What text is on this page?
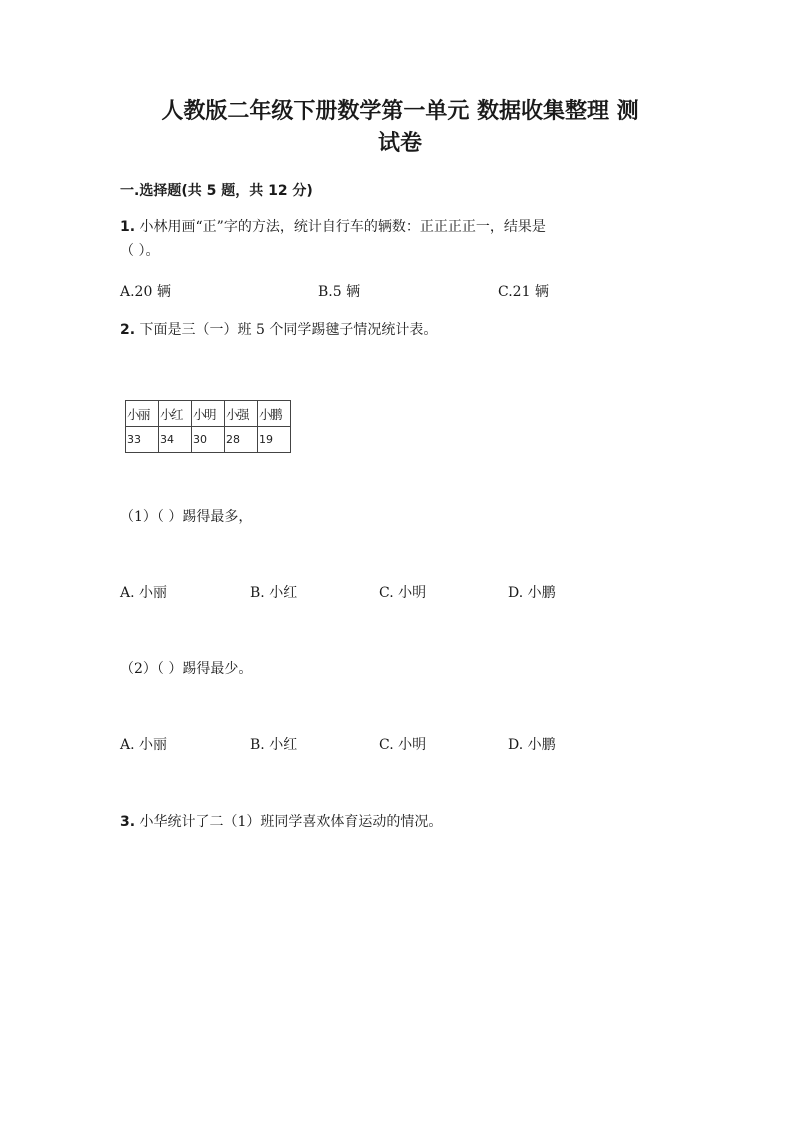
人教版二年级下册数学第一单元 数据收集整理 测
试卷
一.选择题(共 5 题，共 12 分)
1. 小林用画“正”字的方法，统计自行车的辆数：正正正正一，结果是
（ ）。
A.20 辆	B.5 辆	C.21 辆
2. 下面是三（一）班 5 个同学踢毽子情况统计表。
小丽	小红	小明	小强	小鹏
33	34	30	28	19
（1）（ ）踢得最多，
A. 小丽	B. 小红	C. 小明	D. 小鹏
（2）（ ）踢得最少。
A. 小丽	B. 小红	C. 小明	D. 小鹏
3. 小华统计了二（1）班同学喜欢体育运动的情况。
